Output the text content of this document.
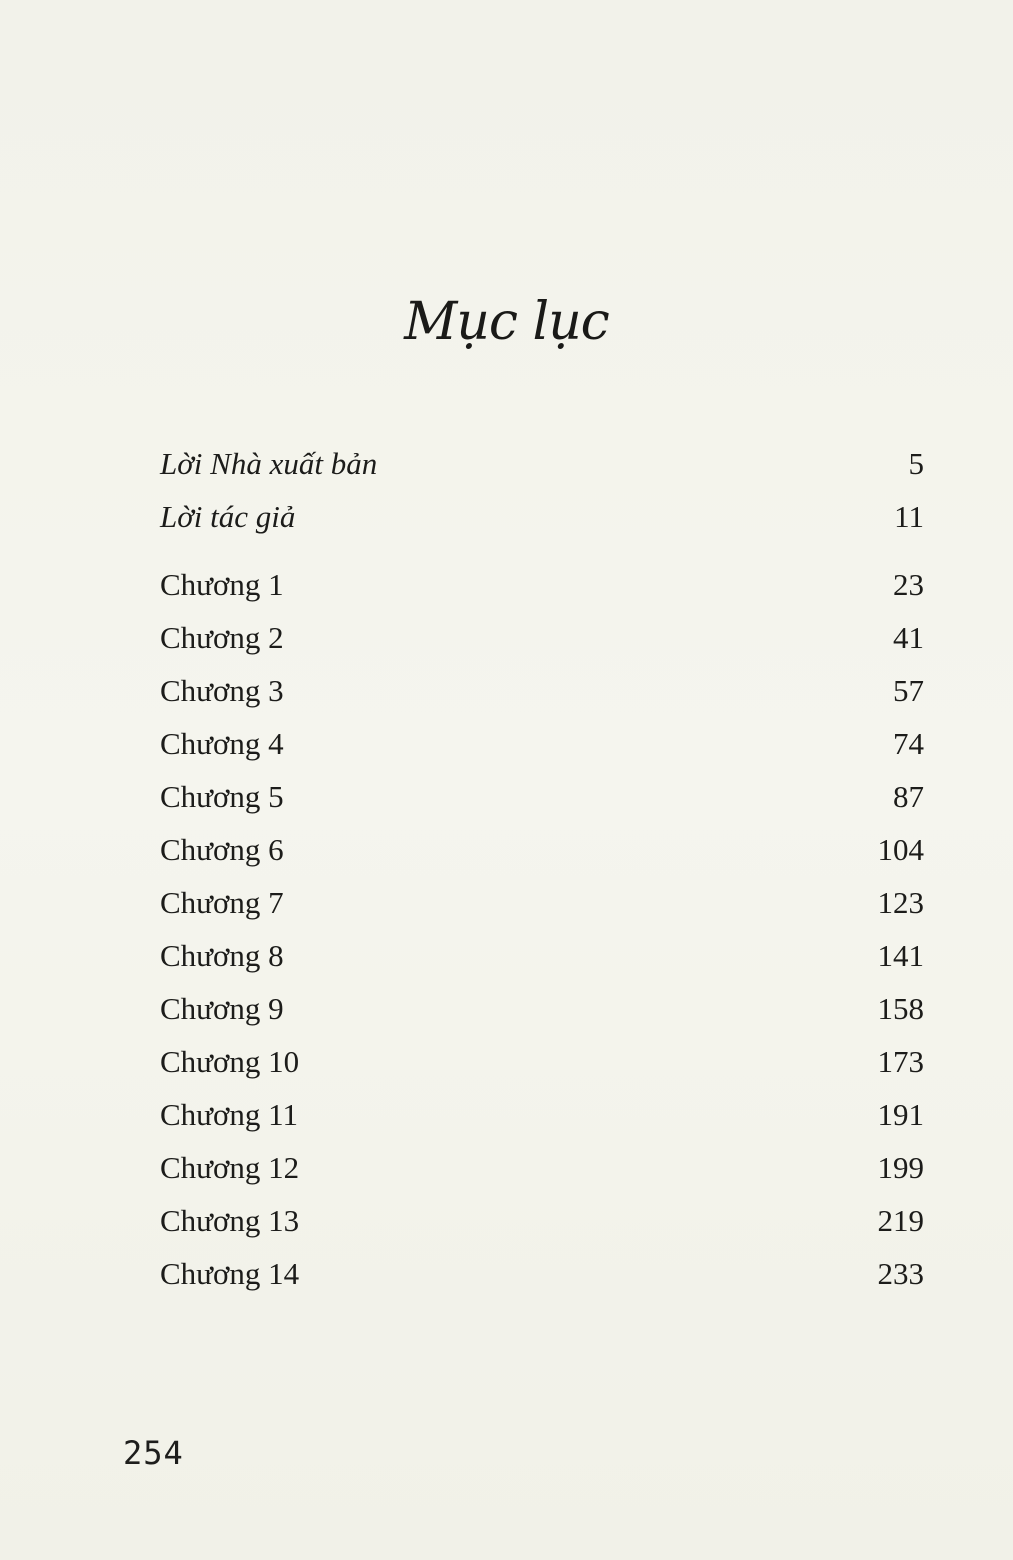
Mục lục
Lời Nhà xuất bản	5
Lời tác giả	11
Chương 1	23
Chương 2	41
Chương 3	57
Chương 4	74
Chương 5	87
Chương 6	104
Chương 7	123
Chương 8	141
Chương 9	158
Chương 10	173
Chương 11	191
Chương 12	199
Chương 13	219
Chương 14	233
254
